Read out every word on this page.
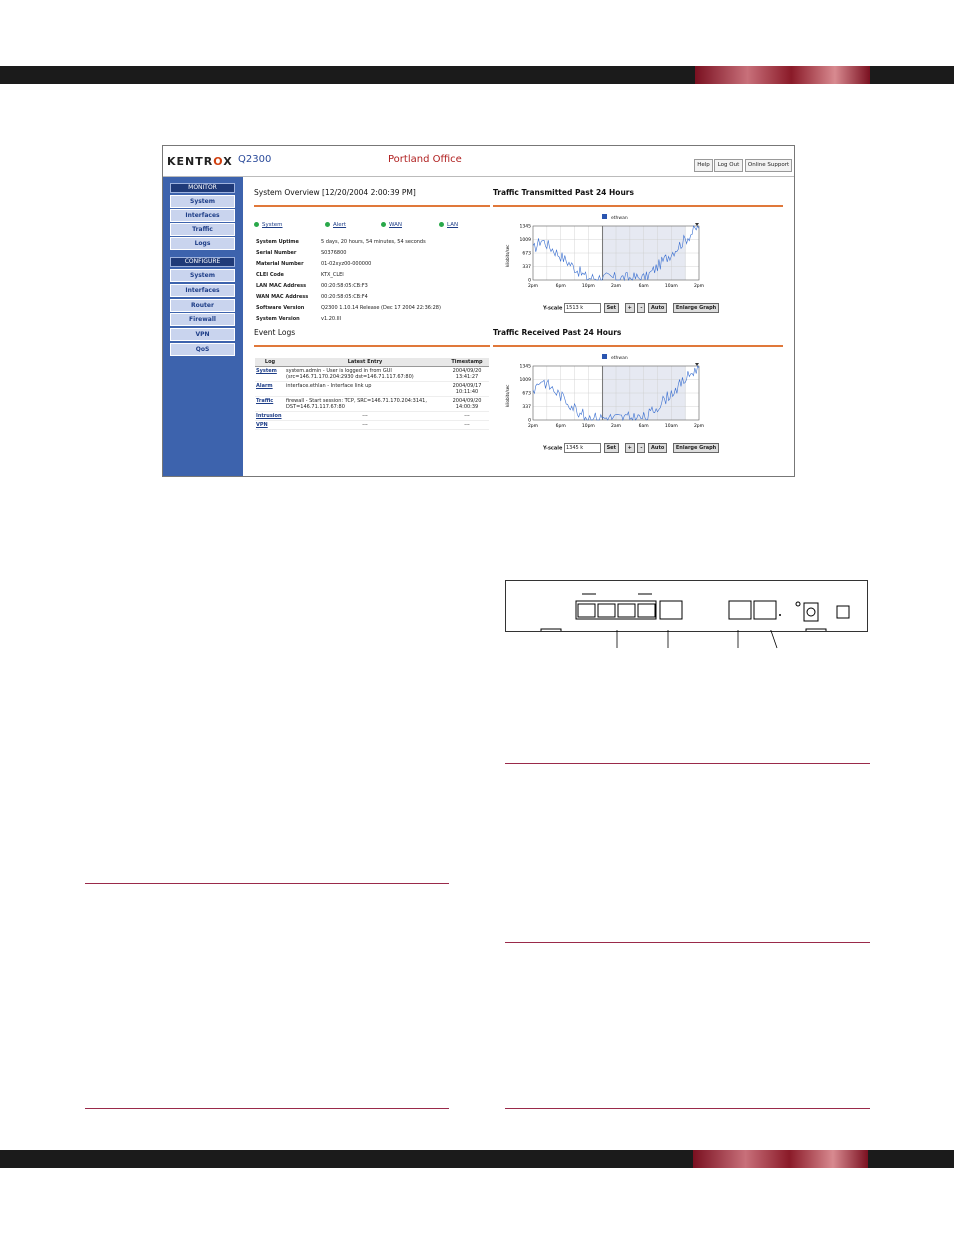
KENTROX Q2300	Portland Office	Help	Log Out	Online Support
MONITOR
System
Interfaces
Traffic
Logs
CONFIGURE
System
Interfaces
Router
Firewall
VPN
QoS
System Overview [12/20/2004 2:00:39 PM]
System	Alert	WAN	LAN
System Uptime	5 days, 20 hours, 54 minutes, 54 seconds
Serial Number	S0376800
Material Number	01-02xyz00-000000
CLEI Code	KTX_CLEI
LAN MAC Address	00:20:58:05:CB:F3
WAN MAC Address	00:20:58:05:CB:F4
Software Version	Q2300 1.10.14 Release (Dec 17 2004 22:36:28)
System Version	v1.20.III
Event Logs
Log	Latest Entry	Timestamp
System	system.admin - User is logged in from GUI (src=146.71.170.204:2930 dst=146.71.117.67:80)	2004/09/20 13:41:27
Alarm	interface.ethlan - Interface link up	2004/09/17 10:11:40
Traffic	firewall - Start session: TCP, SRC=146.71.170.204:3141, DST=146.71.117.67:80	2004/09/20 14:00:39
Intrusion	---	---
VPN	---	---
Traffic Transmitted Past 24 Hours
ethwan
1345
1009
673
337
0
2pm	6pm	10pm	2am	6am	10am	2pm
kilobits/sec
Y-scale 1513 k	Set + - Auto Enlarge Graph
Traffic Received Past 24 Hours
ethwan
1345
1009
673
337
0
2pm	6pm	10pm	2am	6am	10am	2pm
kilobits/sec
Y-scale 1345 k	Set + - Auto Enlarge Graph
